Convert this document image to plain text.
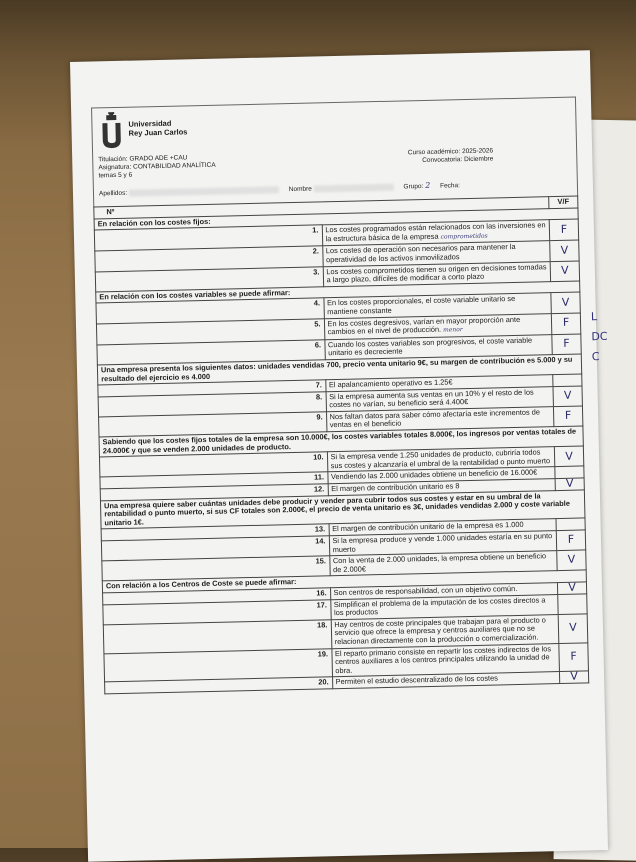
Universidad
Rey Juan Carlos
Titulación: GRADO ADE +CAU
Asignatura: CONTABILIDAD ANALÍTICA
temas 5 y 6
Curso académico: 2025-2026
Convocatoria: Diciembre
Apellidos:  Nombre	Grupo: 2 Fecha:
Nº		V/F
En relación con los costes fijos:		
1.	Los costes programados están relacionados con las inversiones en la estructura básica de la empresa comprometidos	F
2.	Los costes de operación son necesarios para mantener la operatividad de los activos inmovilizados	V
3.	Los costes comprometidos tienen su origen en decisiones tomadas a largo plazo, difíciles de modificar a corto plazo	V
En relación con los costes variables se puede afirmar:		
4.	En los costes proporcionales, el coste variable unitario se mantiene constante	V
5.	En los costes degresivos, varían en mayor proporción ante cambios en el nivel de producción. menor	F
6.	Cuando los costes variables son progresivos, el coste variable unitario es decreciente	F
Una empresa presenta los siguientes datos: unidades vendidas 700, precio venta unitario 9€, su margen de contribución es 5.000 y su resultado del ejercicio es 4.000		
7.	El apalancamiento operativo es 1.25€	
8.	Si la empresa aumenta sus ventas en un 10% y el resto de los costes no varían, su beneficio será 4.400€	V
9.	Nos faltan datos para saber cómo afectaría este incrementos de ventas en el beneficio	F
Sabiendo que los costes fijos totales de la empresa son 10.000€, los costes variables totales 8.000€, los ingresos por ventas totales de 24.000€ y que se venden 2.000 unidades de producto.		
10.	Si la empresa vende 1.250 unidades de producto, cubriría todos sus costes y alcanzaría el umbral de la rentabilidad o punto muerto	V
11.	Vendiendo las 2.000 unidades obtiene un beneficio de 16.000€	
12.	El margen de contribución unitario es 8	V
Una empresa quiere saber cuántas unidades debe producir y vender para cubrir todos sus costes y estar en su umbral de la rentabilidad o punto muerto, si sus CF totales son 2.000€, el precio de venta unitario es 3€, unidades vendidas 2.000 y coste variable unitario 1€.		
13.	El margen de contribución unitario de la empresa es 1.000	
14.	Si la empresa produce y vende 1.000 unidades estaría en su punto muerto	F
15.	Con la venta de 2.000 unidades, la empresa obtiene un beneficio de 2.000€	V
Con relación a los Centros de Coste se puede afirmar:		
16.	Son centros de responsabilidad, con un objetivo común.	V
17.	Simplifican el problema de la imputación de los costes directos a los productos	
18.	Hay centros de coste principales que trabajan para el producto o servicio que ofrece la empresa y centros auxiliares que no se relacionan directamente con la producción o comercialización.	V
19.	El reparto primario consiste en repartir los costes indirectos de los centros auxiliares a los centros principales utilizando la unidad de obra.	F
20.	Permiten el estudio descentralizado de los costes	V
L
DC
C
